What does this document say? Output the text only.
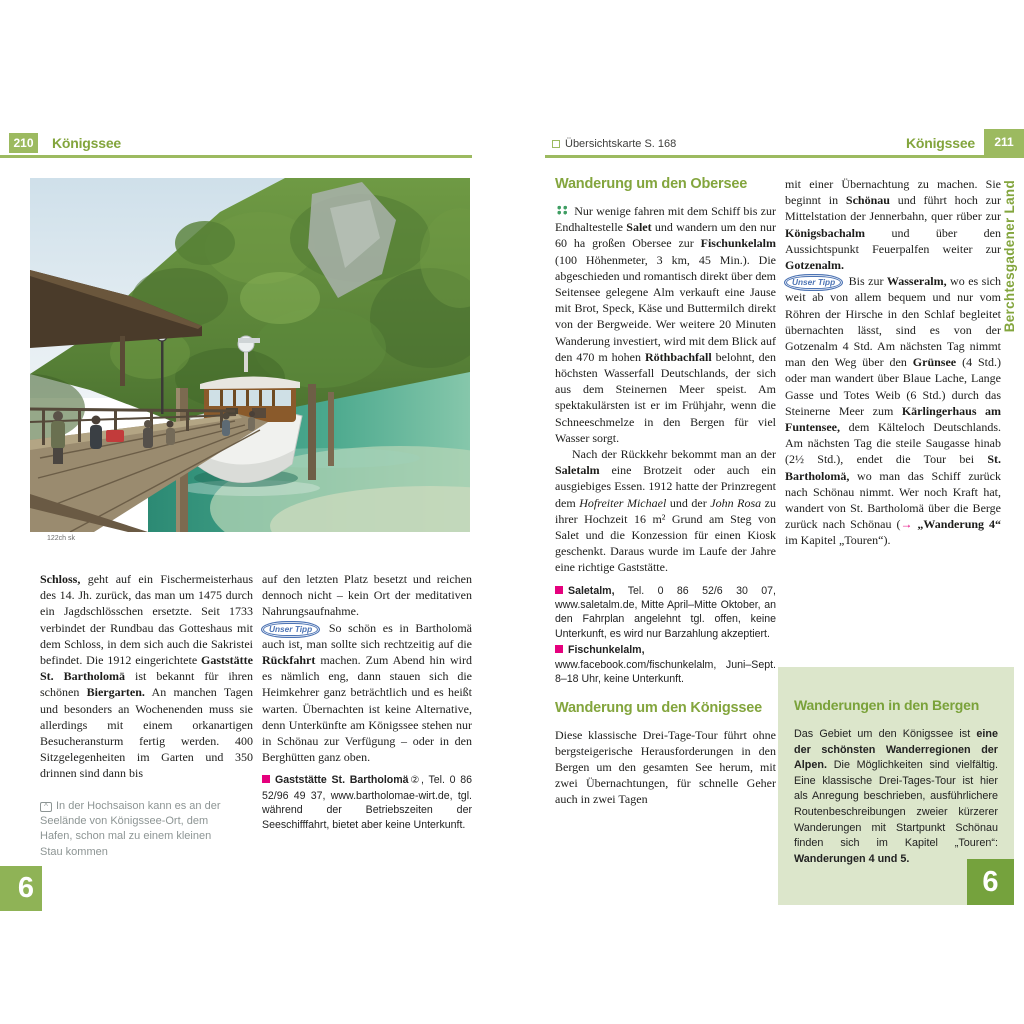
210	Königssee	Übersichtskarte S. 168	Königssee	211
Berchtesgadener Land
122ch sk

Schloss, geht auf ein Fischermeisterhaus des 14. Jh. zurück, das man um 1475 durch ein Jagdschlösschen ersetzte. Seit 1733 verbindet der Rundbau das Gotteshaus mit dem Schloss, in dem sich auch die Sakristei befindet. Die 1912 eingerichtete Gaststätte St. Bartholomä ist bekannt für ihren schönen Biergarten. An manchen Tagen und besonders an Wochenenden muss sie allerdings mit einem orkanartigen Besucheransturm fertig werden. 400 Sitzgelegenheiten im Garten und 350 drinnen sind dann bis

^ In der Hochsaison kann es an der Seelände von Königssee-Ort, dem Hafen, schon mal zu einem kleinen Stau kommen

auf den letzten Platz besetzt und reichen dennoch nicht – kein Ort der meditativen Nahrungsaufnahme.

Unser Tipp So schön es in Bartholomä auch ist, man sollte sich rechtzeitig auf die Rückfahrt machen. Zum Abend hin wird es nämlich eng, dann stauen sich die Heimkehrer ganz beträchtlich und es heißt warten. Übernachten ist keine Alternative, denn Unterkünfte am Königssee stehen nur in Schönau zur Verfügung – oder in den Berghütten ganz oben.

Gaststätte St. Bartholomä②, Tel. 0 86 52/96 49 37, www.bartholomae-wirt.de, tgl. während der Betriebszeiten der Seeschifffahrt, bietet aber keine Unterkunft.

6
Wanderung um den Obersee

Nur wenige fahren mit dem Schiff bis zur Endhaltestelle Salet und wandern um den nur 60 ha großen Obersee zur Fischunkelalm (100 Höhenmeter, 3 km, 45 Min.). Die abgeschieden und romantisch direkt über dem Seitensee gelegene Alm verkauft eine Jause mit Brot, Speck, Käse und Buttermilch direkt von der Bergweide. Wer weitere 20 Minuten Wanderung investiert, wird mit dem Blick auf den 470 m hohen Röthbachfall belohnt, den höchsten Wasserfall Deutschlands, der sich aus dem Steinernen Meer speist. Am spektakulärsten ist er im Frühjahr, wenn die Schneeschmelze in den Bergen für viel Wasser sorgt.

Nach der Rückkehr bekommt man an der Saletalm eine Brotzeit oder auch ein ausgiebiges Essen. 1912 hatte der Prinzregent dem Hofreiter Michael und der John Rosa zu ihrer Hochzeit 16 m² Grund am Steg von Salet und die Konzession für einen Kiosk geschenkt. Daraus wurde im Laufe der Jahre eine richtige Gaststätte.

Saletalm, Tel. 0 86 52/6 30 07, www.saletalm.de, Mitte April–Mitte Oktober, an den Fahrplan angelehnt tgl. offen, keine Unterkunft, es wird nur Barzahlung akzeptiert.

Fischunkelalm, www.facebook.com/fischunkelalm, Juni–Sept. 8–18 Uhr, keine Unterkunft.

Wanderung um den Königssee

Diese klassische Drei-Tage-Tour führt ohne bergsteigerische Herausforderungen in den Bergen um den gesamten See herum, mit zwei Übernachtungen, für schnelle Geher auch in zwei Tagen

mit einer Übernachtung zu machen. Sie beginnt in Schönau und führt hoch zur Mittelstation der Jennerbahn, quer rüber zur Königsbachalm und über den Aussichtspunkt Feuerpalfen weiter zur Gotzenalm.

Unser Tipp Bis zur Wasseralm, wo es sich weit ab von allem bequem und nur vom Röhren der Hirsche in den Schlaf begleitet übernachten lässt, sind es von der Gotzenalm 4 Std. Am nächsten Tag nimmt man den Weg über den Grünsee (4 Std.) oder man wandert über Blaue Lache, Lange Gasse und Totes Weib (6 Std.) durch das Steinerne Meer zum Kärlingerhaus am Funtensee, dem Kälteloch Deutschlands. Am nächsten Tag die steile Saugasse hinab (2½ Std.), endet die Tour bei St. Bartholomä, wo man das Schiff zurück nach Schönau nimmt. Wer noch Kraft hat, wandert von St. Bartholomä über die Berge zurück nach Schönau (→ „Wanderung 4“ im Kapitel „Touren“).

Wanderungen in den Bergen

Das Gebiet um den Königssee ist eine der schönsten Wanderregionen der Alpen. Die Möglichkeiten sind vielfältig. Eine klassische Drei-Tages-Tour ist hier als Anregung beschrieben, ausführlichere Routenbeschreibungen zweier kürzerer Wanderungen mit Startpunkt Schönau finden sich im Kapitel „Touren“: Wanderungen 4 und 5.

6
